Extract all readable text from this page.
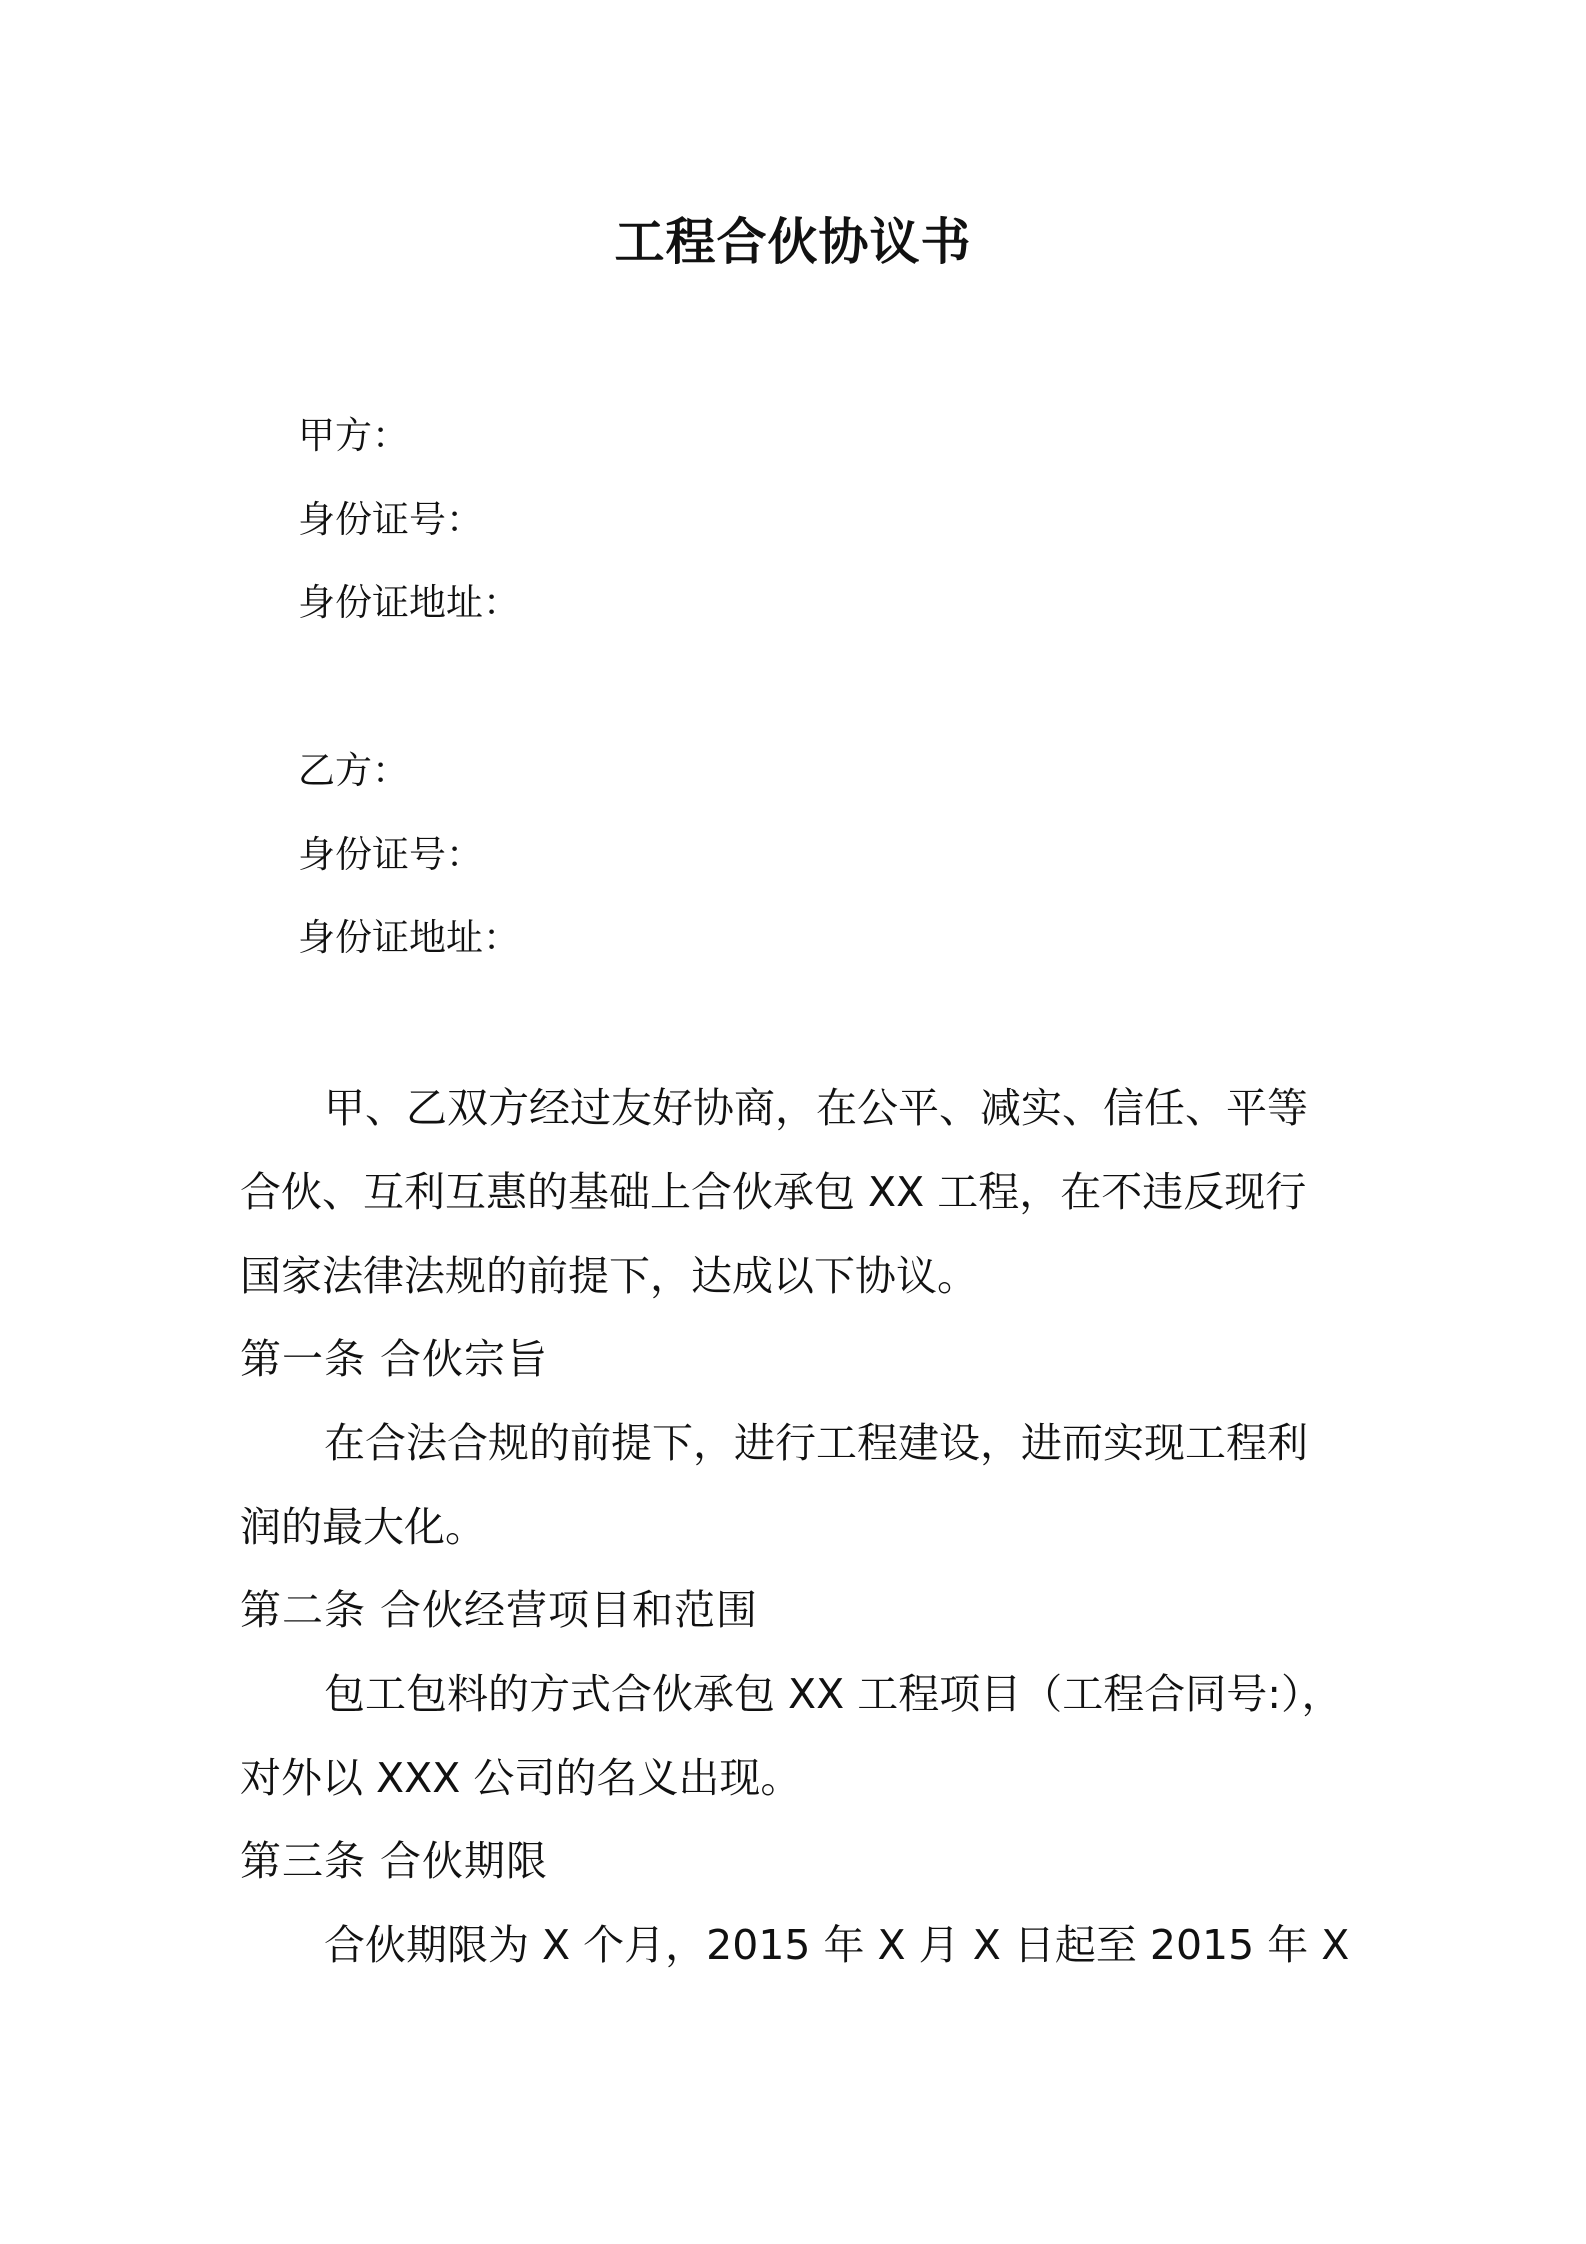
工程合伙协议书
甲方：
身份证号：
身份证地址：
乙方：
身份证号：
身份证地址：
甲、乙双方经过友好协商，在公平、减实、信任、平等
合伙、互利互惠的基础上合伙承包 XX 工程，在不违反现行
国家法律法规的前提下，达成以下协议。
第一条 合伙宗旨
在合法合规的前提下，进行工程建设，进而实现工程利
润的最大化。
第二条 合伙经营项目和范围
包工包料的方式合伙承包 XX 工程项目（工程合同号:），
对外以 XXX 公司的名义出现。
第三条 合伙期限
合伙期限为 X 个月，2015 年 X 月 X 日起至 2015 年 X
